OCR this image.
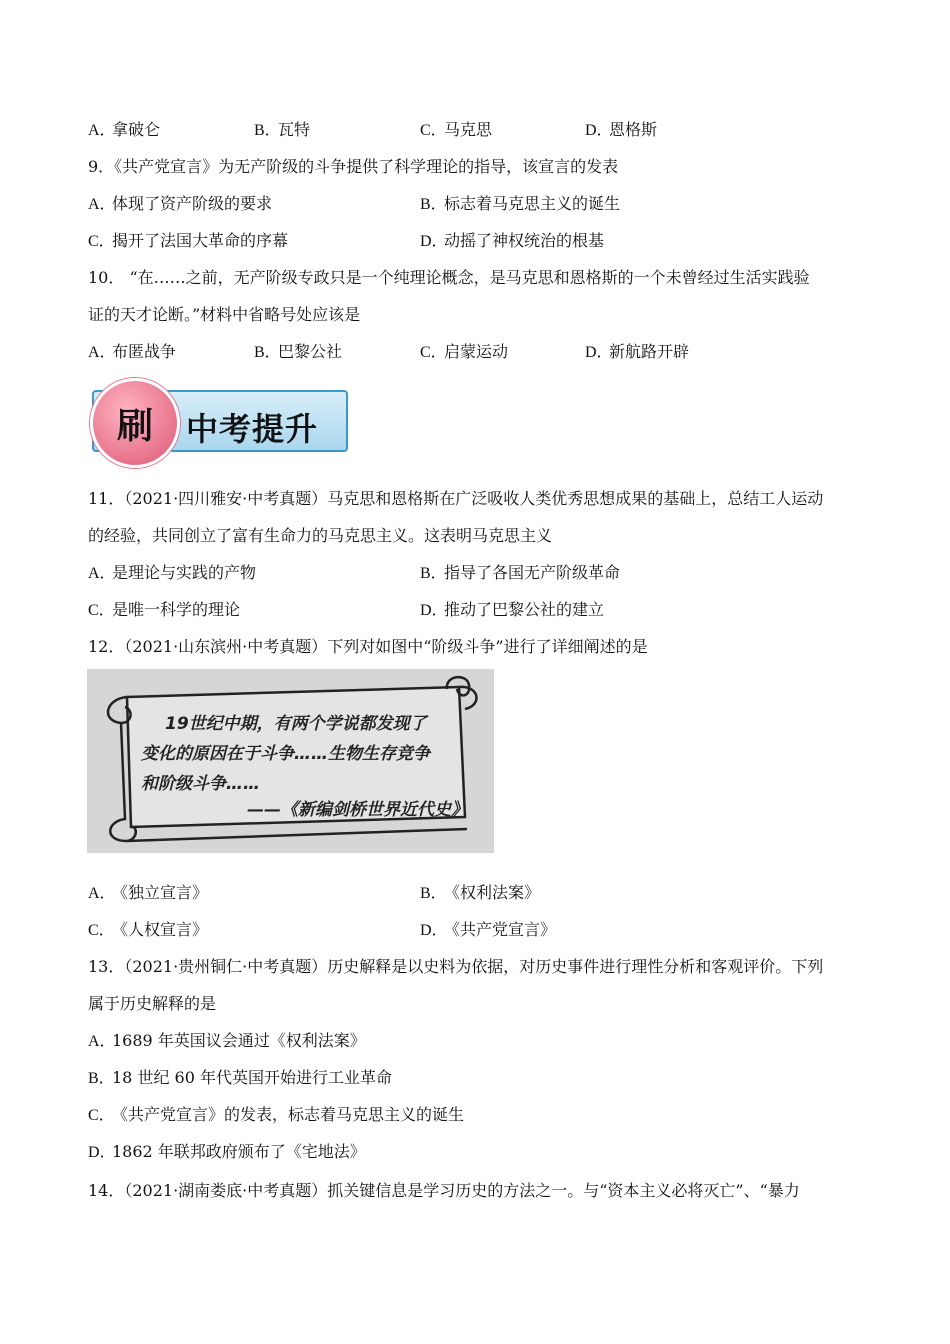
A．拿破仑	B．瓦特	C．马克思	D．恩格斯
9．《共产党宣言》为无产阶级的斗争提供了科学理论的指导，该宣言的发表
A．体现了资产阶级的要求	B．标志着马克思主义的诞生
C．揭开了法国大革命的序幕	D．动摇了神权统治的根基
10． “在……之前，无产阶级专政只是一个纯理论概念，是马克思和恩格斯的一个未曾经过生活实践验
证的天才论断。”材料中省略号处应该是
A．布匿战争	B．巴黎公社	C．启蒙运动	D．新航路开辟
中考提升
刷
11．（2021·四川雅安·中考真题）马克思和恩格斯在广泛吸收人类优秀思想成果的基础上，总结工人运动
的经验，共同创立了富有生命力的马克思主义。这表明马克思主义
A．是理论与实践的产物	B．指导了各国无产阶级革命
C．是唯一科学的理论	D．推动了巴黎公社的建立
12．（2021·山东滨州·中考真题）下列对如图中“阶级斗争”进行了详细阐述的是
19世纪中期，有两个学说都发现了
变化的原因在于斗争……生物生存竞争
和阶级斗争……
——《新编剑桥世界近代史》
A．《独立宣言》	B．《权利法案》
C．《人权宣言》	D．《共产党宣言》
13．（2021·贵州铜仁·中考真题）历史解释是以史料为依据，对历史事件进行理性分析和客观评价。下列
属于历史解释的是
A．1689 年英国议会通过《权利法案》
B．18 世纪 60 年代英国开始进行工业革命
C．《共产党宣言》的发表，标志着马克思主义的诞生
D．1862 年联邦政府颁布了《宅地法》
14．（2021·湖南娄底·中考真题）抓关键信息是学习历史的方法之一。与“资本主义必将灭亡”、“暴力
